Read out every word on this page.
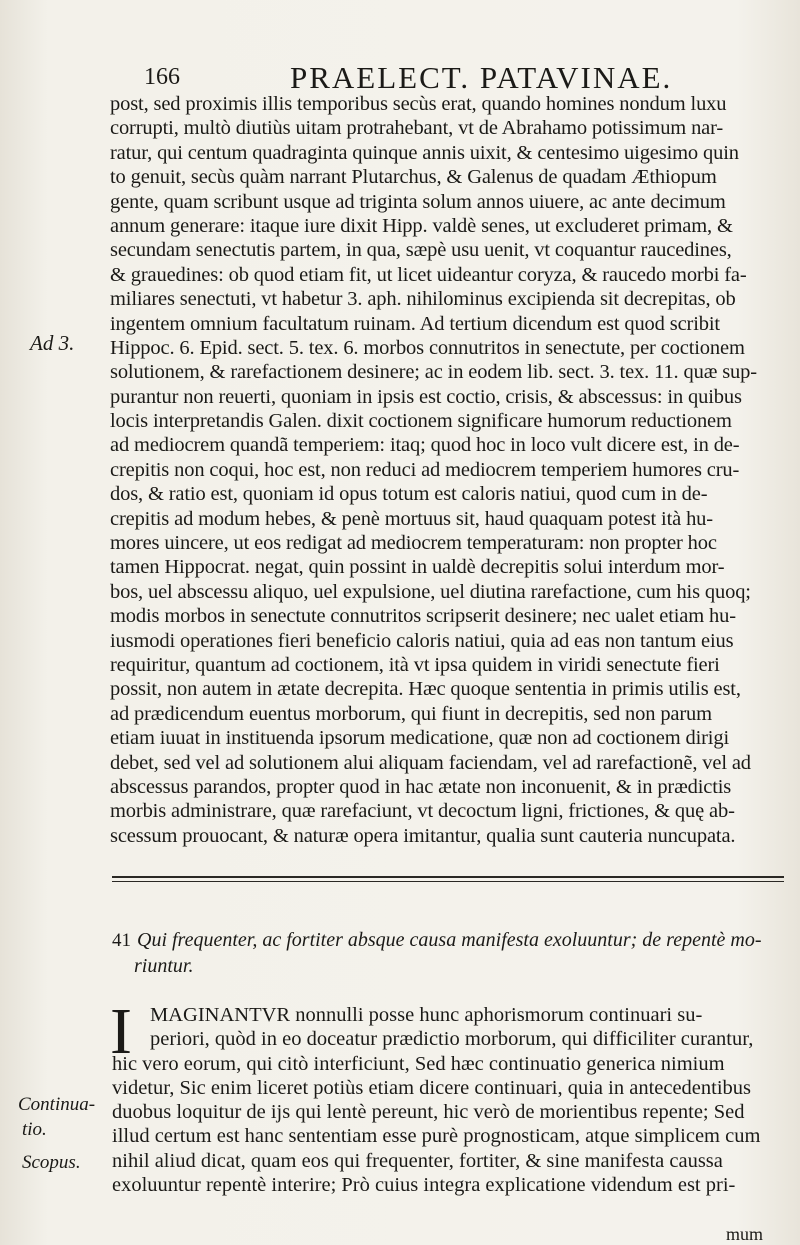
166	PRAELECT. PATAVINAE.

post, sed proximis illis temporibus secùs erat, quando homines nondum luxu
corrupti, multò diutiùs uitam protrahebant, vt de Abrahamo potissimum nar-
ratur, qui centum quadraginta quinque annis uixit, & centesimo uigesimo quin
to genuit, secùs quàm narrant Plutarchus, & Galenus de quadam Æthiopum
gente, quam scribunt usque ad triginta solum annos uiuere, ac ante decimum
annum generare: itaque iure dixit Hipp. valdè senes, ut excluderet primam, &
secundam senectutis partem, in qua, sæpè usu uenit, vt coquantur raucedines,
& grauedines: ob quod etiam fit, ut licet uideantur coryza, & raucedo morbi fa-
miliares senectuti, vt habetur 3. aph. nihilominus excipienda sit decrepitas, ob
ingentem omnium facultatum ruinam. Ad tertium dicendum est quod scribit
Hippoc. 6. Epid. sect. 5. tex. 6. morbos connutritos in senectute, per coctionem
solutionem, & rarefactionem desinere; ac in eodem lib. sect. 3. tex. 11. quæ sup-
purantur non reuerti, quoniam in ipsis est coctio, crisis, & abscessus: in quibus
locis interpretandis Galen. dixit coctionem significare humorum reductionem
ad mediocrem quandã temperiem: itaq; quod hoc in loco vult dicere est, in de-
crepitis non coqui, hoc est, non reduci ad mediocrem temperiem humores cru-
dos, & ratio est, quoniam id opus totum est caloris natiui, quod cum in de-
crepitis ad modum hebes, & penè mortuus sit, haud quaquam potest ità hu-
mores uincere, ut eos redigat ad mediocrem temperaturam: non propter hoc
tamen Hippocrat. negat, quin possint in ualdè decrepitis solui interdum mor-
bos, uel abscessu aliquo, uel expulsione, uel diutina rarefactione, cum his quoq;
modis morbos in senectute connutritos scripserit desinere; nec ualet etiam hu-
iusmodi operationes fieri beneficio caloris natiui, quia ad eas non tantum eius
requiritur, quantum ad coctionem, ità vt ipsa quidem in viridi senectute fieri
possit, non autem in ætate decrepita. Hæc quoque sententia in primis utilis est,
ad prædicendum euentus morborum, qui fiunt in decrepitis, sed non parum
etiam iuuat in instituenda ipsorum medicatione, quæ non ad coctionem dirigi
debet, sed vel ad solutionem alui aliquam faciendam, vel ad rarefactionẽ, vel ad
abscessus parandos, propter quod in hac ætate non inconuenit, & in prædictis
morbis administrare, quæ rarefaciunt, vt decoctum ligni, frictiones, & quę ab-
scessum prouocant, & naturæ opera imitantur, qualia sunt cauteria nuncupata.
Ad 3.
41 Qui frequenter, ac fortiter absque causa manifesta exoluuntur; de repentè mo-
riuntur.
I MAGINANTVR nonnulli posse hunc aphorismorum continuari su-
periori, quòd in eo doceatur prædictio morborum, qui difficiliter curantur,
hic vero eorum, qui citò interficiunt, Sed hæc continuatio generica nimium
videtur, Sic enim liceret potiùs etiam dicere continuari, quia in antecedentibus
duobus loquitur de ijs qui lentè pereunt, hic verò de morientibus repente; Sed
illud certum est hanc sententiam esse purè prognosticam, atque simplicem cum
nihil aliud dicat, quam eos qui frequenter, fortiter, & sine manifesta caussa
exoluuntur repentè interire; Prò cuius integra explicatione videndum est pri-
Continua-
tio.
Scopus.
mum
